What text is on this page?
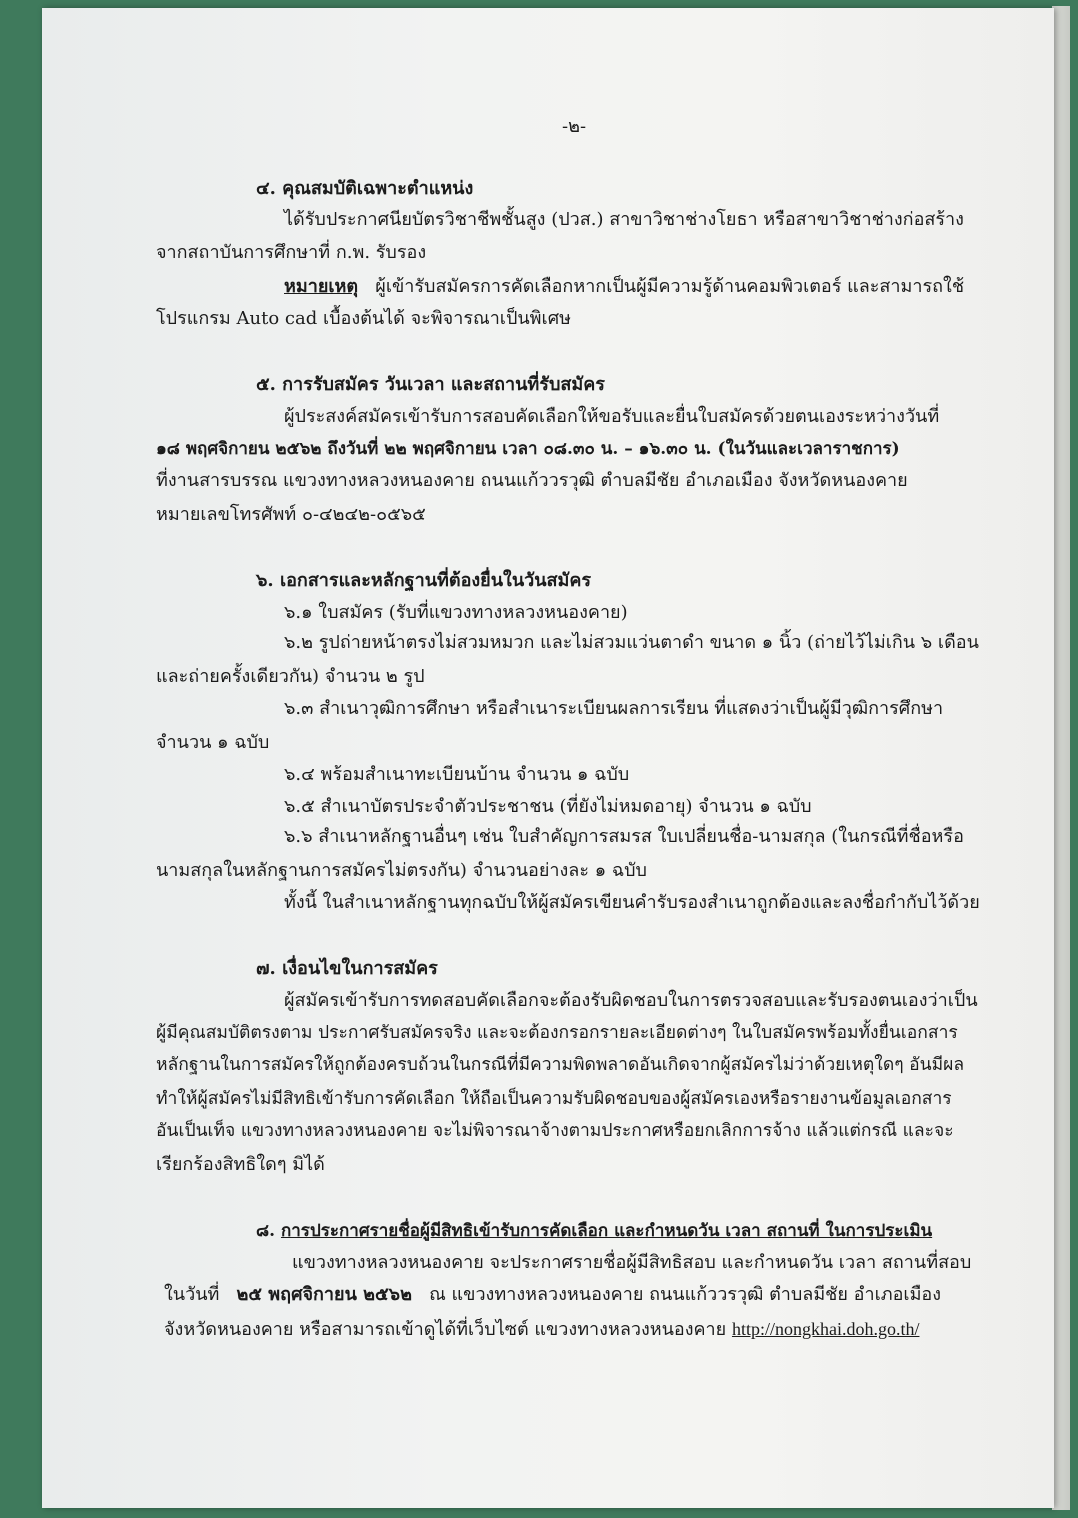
-๒-
๔. คุณสมบัติเฉพาะตำแหน่ง
ได้รับประกาศนียบัตรวิชาชีพชั้นสูง (ปวส.) สาขาวิชาช่างโยธา หรือสาขาวิชาช่างก่อสร้าง
จากสถาบันการศึกษาที่ ก.พ. รับรอง
หมายเหตุ ผู้เข้ารับสมัครการคัดเลือกหากเป็นผู้มีความรู้ด้านคอมพิวเตอร์ และสามารถใช้
โปรแกรม Auto cad เบื้องต้นได้ จะพิจารณาเป็นพิเศษ
๕. การรับสมัคร วันเวลา และสถานที่รับสมัคร
ผู้ประสงค์สมัครเข้ารับการสอบคัดเลือกให้ขอรับและยื่นใบสมัครด้วยตนเองระหว่างวันที่
๑๘ พฤศจิกายน ๒๕๖๒ ถึงวันที่ ๒๒ พฤศจิกายน เวลา ๐๘.๓๐ น. – ๑๖.๓๐ น. (ในวันและเวลาราชการ)
ที่งานสารบรรณ แขวงทางหลวงหนองคาย ถนนแก้ววรวุฒิ ตำบลมีชัย อำเภอเมือง จังหวัดหนองคาย
หมายเลขโทรศัพท์ ๐-๔๒๔๒-๐๕๖๕
๖. เอกสารและหลักฐานที่ต้องยื่นในวันสมัคร
๖.๑ ใบสมัคร (รับที่แขวงทางหลวงหนองคาย)
๖.๒ รูปถ่ายหน้าตรงไม่สวมหมวก และไม่สวมแว่นตาดำ ขนาด ๑ นิ้ว (ถ่ายไว้ไม่เกิน ๖ เดือน
และถ่ายครั้งเดียวกัน) จำนวน ๒ รูป
๖.๓ สำเนาวุฒิการศึกษา หรือสำเนาระเบียนผลการเรียน ที่แสดงว่าเป็นผู้มีวุฒิการศึกษา
จำนวน ๑ ฉบับ
๖.๔ พร้อมสำเนาทะเบียนบ้าน จำนวน ๑ ฉบับ
๖.๕ สำเนาบัตรประจำตัวประชาชน (ที่ยังไม่หมดอายุ) จำนวน ๑ ฉบับ
๖.๖ สำเนาหลักฐานอื่นๆ เช่น ใบสำคัญการสมรส ใบเปลี่ยนชื่อ-นามสกุล (ในกรณีที่ชื่อหรือ
นามสกุลในหลักฐานการสมัครไม่ตรงกัน) จำนวนอย่างละ ๑ ฉบับ
ทั้งนี้ ในสำเนาหลักฐานทุกฉบับให้ผู้สมัครเขียนคำรับรองสำเนาถูกต้องและลงชื่อกำกับไว้ด้วย
๗. เงื่อนไขในการสมัคร
ผู้สมัครเข้ารับการทดสอบคัดเลือกจะต้องรับผิดชอบในการตรวจสอบและรับรองตนเองว่าเป็น
ผู้มีคุณสมบัติตรงตาม ประกาศรับสมัครจริง และจะต้องกรอกรายละเอียดต่างๆ ในใบสมัครพร้อมทั้งยื่นเอกสาร
หลักฐานในการสมัครให้ถูกต้องครบถ้วนในกรณีที่มีความพิดพลาดอันเกิดจากผู้สมัครไม่ว่าด้วยเหตุใดๆ อันมีผล
ทำให้ผู้สมัครไม่มีสิทธิเข้ารับการคัดเลือก ให้ถือเป็นความรับผิดชอบของผู้สมัครเองหรือรายงานข้อมูลเอกสาร
อันเป็นเท็จ แขวงทางหลวงหนองคาย จะไม่พิจารณาจ้างตามประกาศหรือยกเลิกการจ้าง แล้วแต่กรณี และจะ
เรียกร้องสิทธิใดๆ มิได้
๘. การประกาศรายชื่อผู้มีสิทธิเข้ารับการคัดเลือก และกำหนดวัน เวลา สถานที่ ในการประเมิน
แขวงทางหลวงหนองคาย จะประกาศรายชื่อผู้มีสิทธิสอบ และกำหนดวัน เวลา สถานที่สอบ
ในวันที่ ๒๕ พฤศจิกายน ๒๕๖๒ ณ แขวงทางหลวงหนองคาย ถนนแก้ววรวุฒิ ตำบลมีชัย อำเภอเมือง
จังหวัดหนองคาย หรือสามารถเข้าดูได้ที่เว็บไซต์ แขวงทางหลวงหนองคาย http://nongkhai.doh.go.th/
